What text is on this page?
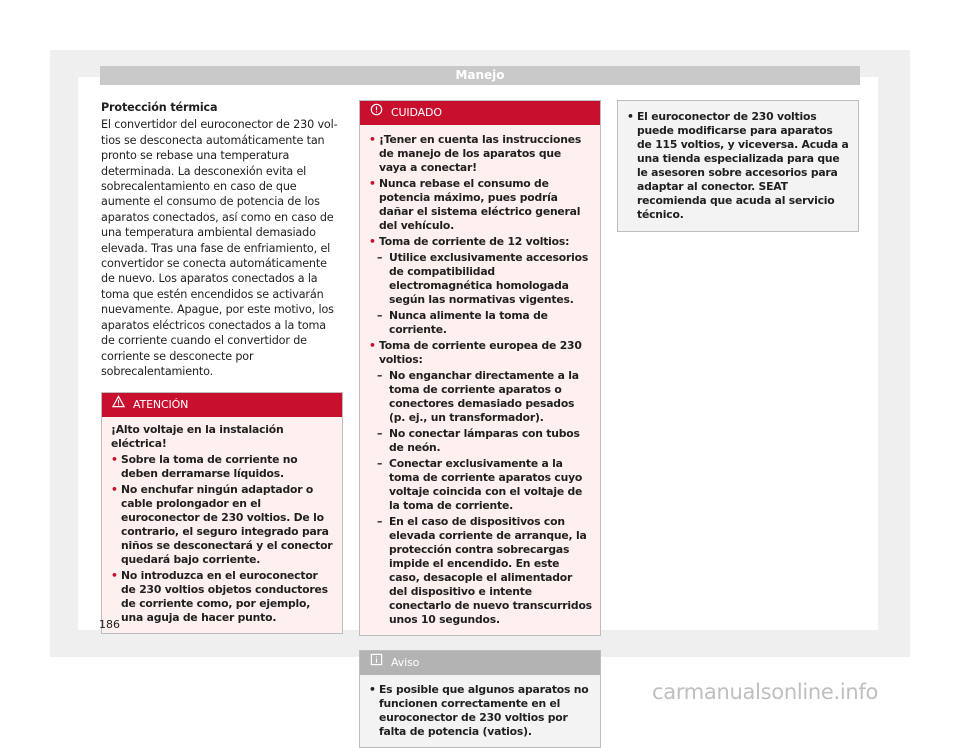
Manejo

Protección térmica

El convertidor del euroconector de 230 voltios se desconecta automáticamente tan pronto se rebase una temperatura determinada. La desconexión evita el sobrecalentamiento en caso de que aumente el consumo de potencia de los aparatos conectados, así como en caso de una temperatura ambiental demasiado elevada. Tras una fase de enfriamiento, el convertidor se conecta automáticamente de nuevo. Los aparatos conectados a la toma que estén encendidos se activarán nuevamente. Apague, por este motivo, los aparatos eléctricos conectados a la toma de corriente cuando el convertidor de corriente se desconecte por sobrecalentamiento.

ATENCIÓN
¡Alto voltaje en la instalación eléctrica!
• Sobre la toma de corriente no deben derramarse líquidos.
• No enchufar ningún adaptador o cable prolongador en el euroconector de 230 voltios. De lo contrario, el seguro integrado para niños se desconectará y el conector quedará bajo corriente.
• No introduzca en el euroconector de 230 voltios objetos conductores de corriente como, por ejemplo, una aguja de hacer punto.
CUIDADO
• ¡Tener en cuenta las instrucciones de manejo de los aparatos que vaya a conectar!
• Nunca rebase el consumo de potencia máximo, pues podría dañar el sistema eléctrico general del vehículo.
• Toma de corriente de 12 voltios:
– Utilice exclusivamente accesorios de compatibilidad electromagnética homologada según las normativas vigentes.
– Nunca alimente la toma de corriente.
• Toma de corriente europea de 230 voltios:
– No enganchar directamente a la toma de corriente aparatos o conectores demasiado pesados (p. ej., un transformador).
– No conectar lámparas con tubos de neón.
– Conectar exclusivamente a la toma de corriente aparatos cuyo voltaje coincida con el voltaje de la toma de corriente.
– En el caso de dispositivos con elevada corriente de arranque, la protección contra sobrecargas impide el encendido. En este caso, desacople el alimentador del dispositivo e intente conectarlo de nuevo transcurridos unos 10 segundos.
Aviso
• Es posible que algunos aparatos no funcionen correctamente en el euroconector de 230 voltios por falta de potencia (vatios).
• El euroconector de 230 voltios puede modificarse para aparatos de 115 voltios, y viceversa. Acuda a una tienda especializada para que le asesoren sobre accesorios para adaptar al conector. SEAT recomienda que acuda al servicio técnico.
186
carmanualsonline.info
